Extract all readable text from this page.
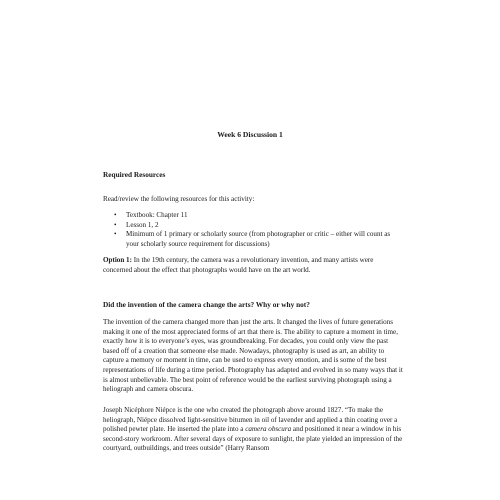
Week 6 Discussion 1
Required Resources

Read/review the following resources for this activity:

• Textbook: Chapter 11
• Lesson 1, 2
• Minimum of 1 primary or scholarly source (from photographer or critic – either will count as your scholarly source requirement for discussions)

Option 1: In the 19th century, the camera was a revolutionary invention, and many artists were concerned about the effect that photographs would have on the art world.

Did the invention of the camera change the arts? Why or why not?

The invention of the camera changed more than just the arts. It changed the lives of future generations making it one of the most appreciated forms of art that there is. The ability to capture a moment in time, exactly how it is to everyone’s eyes, was groundbreaking. For decades, you could only view the past based off of a creation that someone else made. Nowadays, photography is used as art, an ability to capture a memory or moment in time, can be used to express every emotion, and is some of the best representations of life during a time period. Photography has adapted and evolved in so many ways that it is almost unbelievable. The best point of reference would be the earliest surviving photograph using a heliograph and camera obscura.

Joseph Nicéphore Niépce is the one who created the photograph above around 1827. “To make the heliograph, Niépce dissolved light-sensitive bitumen in oil of lavender and applied a thin coating over a polished pewter plate. He inserted the plate into a camera obscura and positioned it near a window in his second-story workroom. After several days of exposure to sunlight, the plate yielded an impression of the courtyard, outbuildings, and trees outside” (Harry Ransom
